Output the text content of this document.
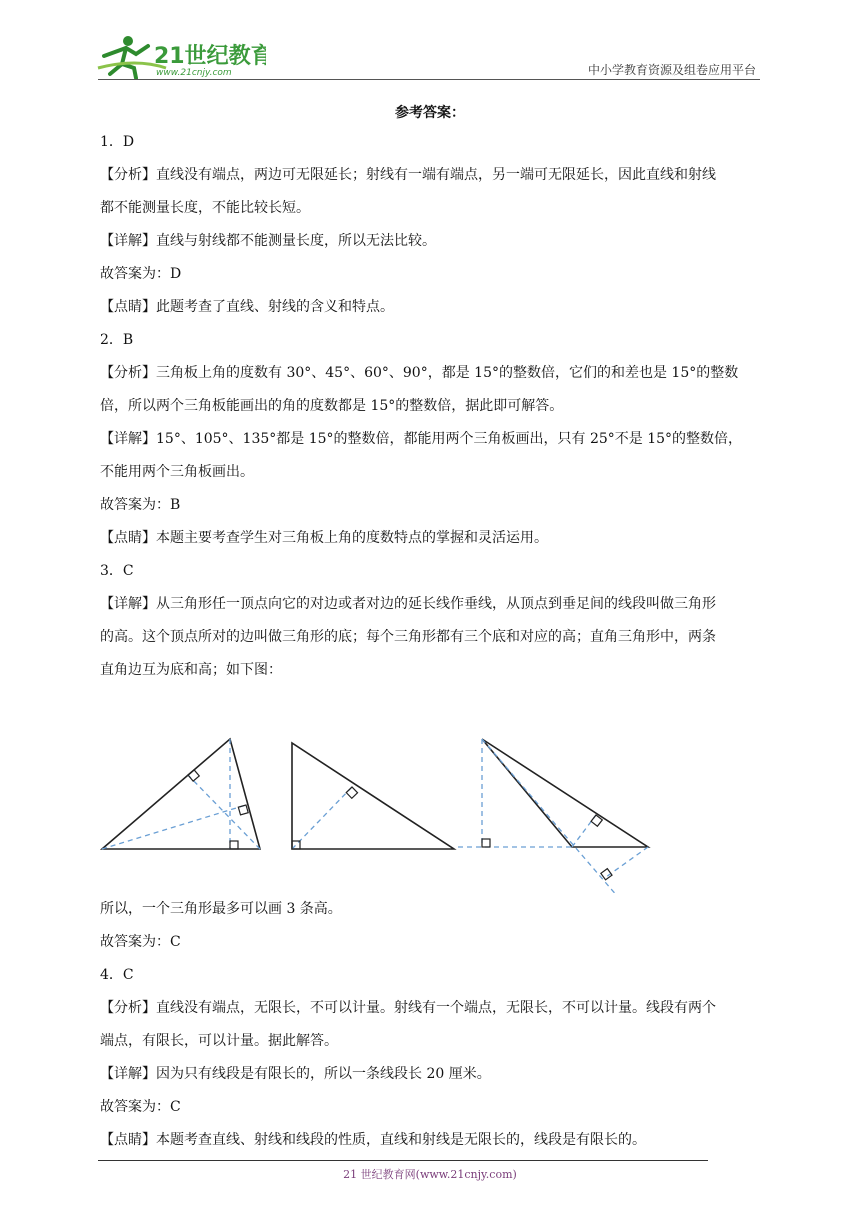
21世纪教育
www.21cnjy.com	中小学教育资源及组卷应用平台
参考答案：

1．D

【分析】直线没有端点，两边可无限延长；射线有一端有端点，另一端可无限延长，因此直线和射线

都不能测量长度，不能比较长短。

【详解】直线与射线都不能测量长度，所以无法比较。

故答案为：D

【点睛】此题考查了直线、射线的含义和特点。

2．B

【分析】三角板上角的度数有 30°、45°、60°、90°，都是 15°的整数倍，它们的和差也是 15°的整数

倍，所以两个三角板能画出的角的度数都是 15°的整数倍，据此即可解答。

【详解】15°、105°、135°都是 15°的整数倍，都能用两个三角板画出，只有 25°不是 15°的整数倍，

不能用两个三角板画出。

故答案为：B

【点睛】本题主要考查学生对三角板上角的度数特点的掌握和灵活运用。

3．C

【详解】从三角形任一顶点向它的对边或者对边的延长线作垂线，从顶点到垂足间的线段叫做三角形

的高。这个顶点所对的边叫做三角形的底；每个三角形都有三个底和对应的高；直角三角形中，两条

直角边互为底和高；如下图：

所以，一个三角形最多可以画 3 条高。

故答案为：C

4．C

【分析】直线没有端点，无限长，不可以计量。射线有一个端点，无限长，不可以计量。线段有两个

端点，有限长，可以计量。据此解答。

【详解】因为只有线段是有限长的，所以一条线段长 20 厘米。

故答案为：C

【点睛】本题考查直线、射线和线段的性质，直线和射线是无限长的，线段是有限长的。

21 世纪教育网(www.21cnjy.com)
